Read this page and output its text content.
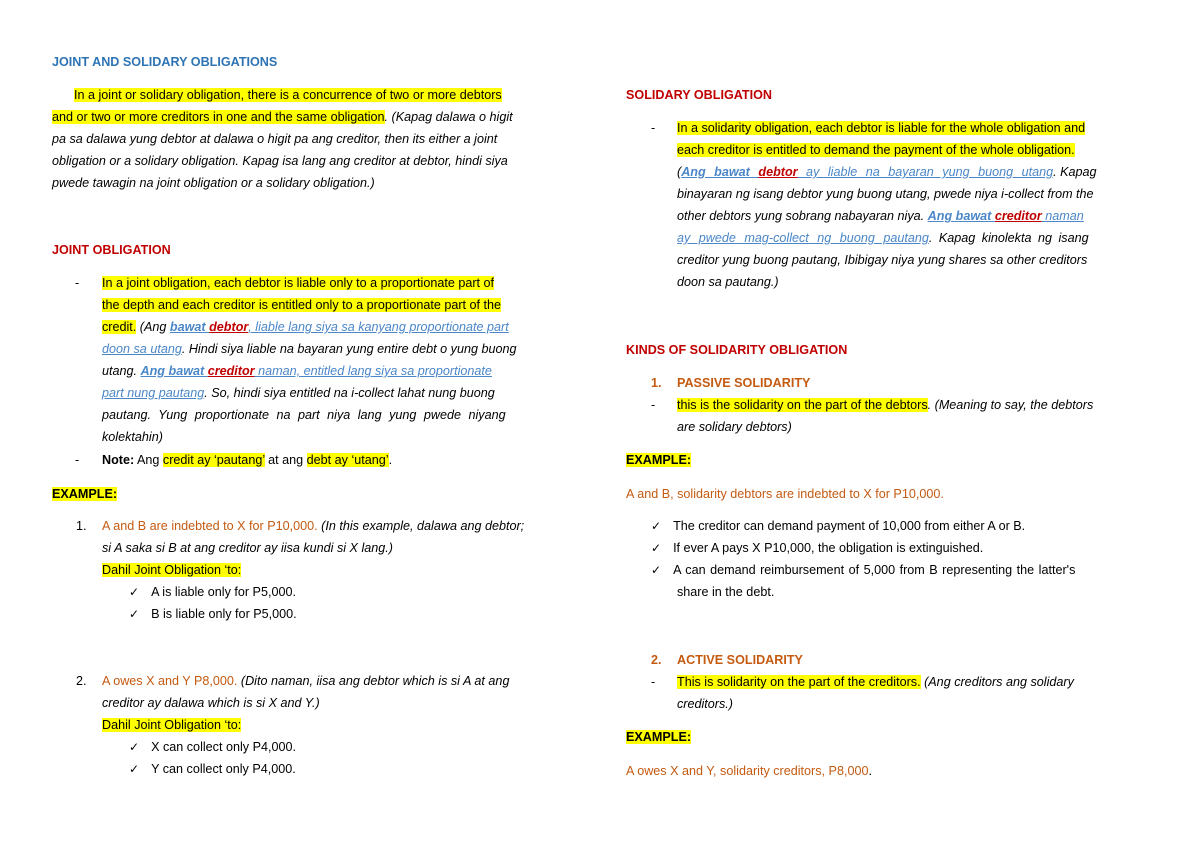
JOINT AND SOLIDARY OBLIGATIONS
In a joint or solidary obligation, there is a concurrence of two or more debtors
and or two or more creditors in one and the same obligation. (Kapag dalawa o higit
pa sa dalawa yung debtor at dalawa o higit pa ang creditor, then its either a joint
obligation or a solidary obligation. Kapag isa lang ang creditor at debtor, hindi siya
pwede tawagin na joint obligation or a solidary obligation.)
JOINT OBLIGATION
- In a joint obligation, each debtor is liable only to a proportionate part of
the depth and each creditor is entitled only to a proportionate part of the
credit. (Ang bawat debtor, liable lang siya sa kanyang proportionate part
doon sa utang. Hindi siya liable na bayaran yung entire debt o yung buong
utang. Ang bawat creditor naman, entitled lang siya sa proportionate
part nung pautang. So, hindi siya entitled na i-collect lahat nung buong
pautang. Yung proportionate na part niya lang yung pwede niyang
kolektahin)
- Note: Ang credit ay ‘pautang’ at ang debt ay ‘utang’.
EXAMPLE:
1. A and B are indebted to X for P10,000. (In this example, dalawa ang debtor;
si A saka si B at ang creditor ay iisa kundi si X lang.)
Dahil Joint Obligation ‘to:
✓ A is liable only for P5,000.
✓ B is liable only for P5,000.
2. A owes X and Y P8,000. (Dito naman, iisa ang debtor which is si A at ang
creditor ay dalawa which is si X and Y.)
Dahil Joint Obligation ‘to:
✓ X can collect only P4,000.
✓ Y can collect only P4,000.
SOLIDARY OBLIGATION
- In a solidarity obligation, each debtor is liable for the whole obligation and
each creditor is entitled to demand the payment of the whole obligation.
(Ang bawat debtor ay liable na bayaran yung buong utang. Kapag
binayaran ng isang debtor yung buong utang, pwede niya i-collect from the
other debtors yung sobrang nabayaran niya. Ang bawat creditor naman
ay pwede mag-collect ng buong pautang. Kapag kinolekta ng isang
creditor yung buong pautang, Ibibigay niya yung shares sa other creditors
doon sa pautang.)
KINDS OF SOLIDARITY OBLIGATION
1. PASSIVE SOLIDARITY
- this is the solidarity on the part of the debtors. (Meaning to say, the debtors
are solidary debtors)
EXAMPLE:
A and B, solidarity debtors are indebted to X for P10,000.
✓ The creditor can demand payment of 10,000 from either A or B.
✓ If ever A pays X P10,000, the obligation is extinguished.
✓ A can demand reimbursement of 5,000 from B representing the latter's
share in the debt.
2. ACTIVE SOLIDARITY
- This is solidarity on the part of the creditors. (Ang creditors ang solidary
creditors.)
EXAMPLE:
A owes X and Y, solidarity creditors, P8,000.
